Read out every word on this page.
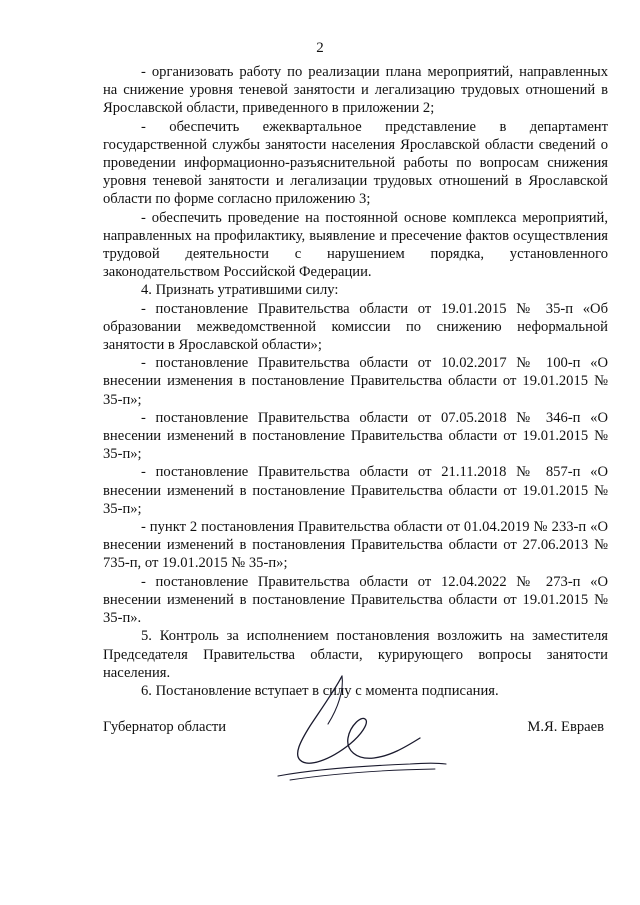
2

- организовать работу по реализации плана мероприятий, направленных на снижение уровня теневой занятости и легализацию трудовых отношений в Ярославской области, приведенного в приложении 2;

- обеспечить ежеквартальное представление в департамент государственной службы занятости населения Ярославской области сведений о проведении информационно-разъяснительной работы по вопросам снижения уровня теневой занятости и легализации трудовых отношений в Ярославской области по форме согласно приложению 3;

- обеспечить проведение на постоянной основе комплекса мероприятий, направленных на профилактику, выявление и пресечение фактов осуществления трудовой деятельности с нарушением порядка, установленного законодательством Российской Федерации.

4. Признать утратившими силу:

- постановление Правительства области от 19.01.2015 № 35-п «Об образовании межведомственной комиссии по снижению неформальной занятости в Ярославской области»;

- постановление Правительства области от 10.02.2017 № 100-п «О внесении изменения в постановление Правительства области от 19.01.2015 № 35-п»;

- постановление Правительства области от 07.05.2018 № 346-п «О внесении изменений в постановление Правительства области от 19.01.2015 № 35-п»;

- постановление Правительства области от 21.11.2018 № 857-п «О внесении изменений в постановление Правительства области от 19.01.2015 № 35-п»;

- пункт 2 постановления Правительства области от 01.04.2019 № 233-п «О внесении изменений в постановления Правительства области от 27.06.2013 № 735-п, от 19.01.2015 № 35-п»;

- постановление Правительства области от 12.04.2022 № 273-п «О внесении изменений в постановление Правительства области от 19.01.2015 № 35-п».

5. Контроль за исполнением постановления возложить на заместителя Председателя Правительства области, курирующего вопросы занятости населения.

6. Постановление вступает в силу с момента подписания.

Губернатор области	М.Я. Евраев
